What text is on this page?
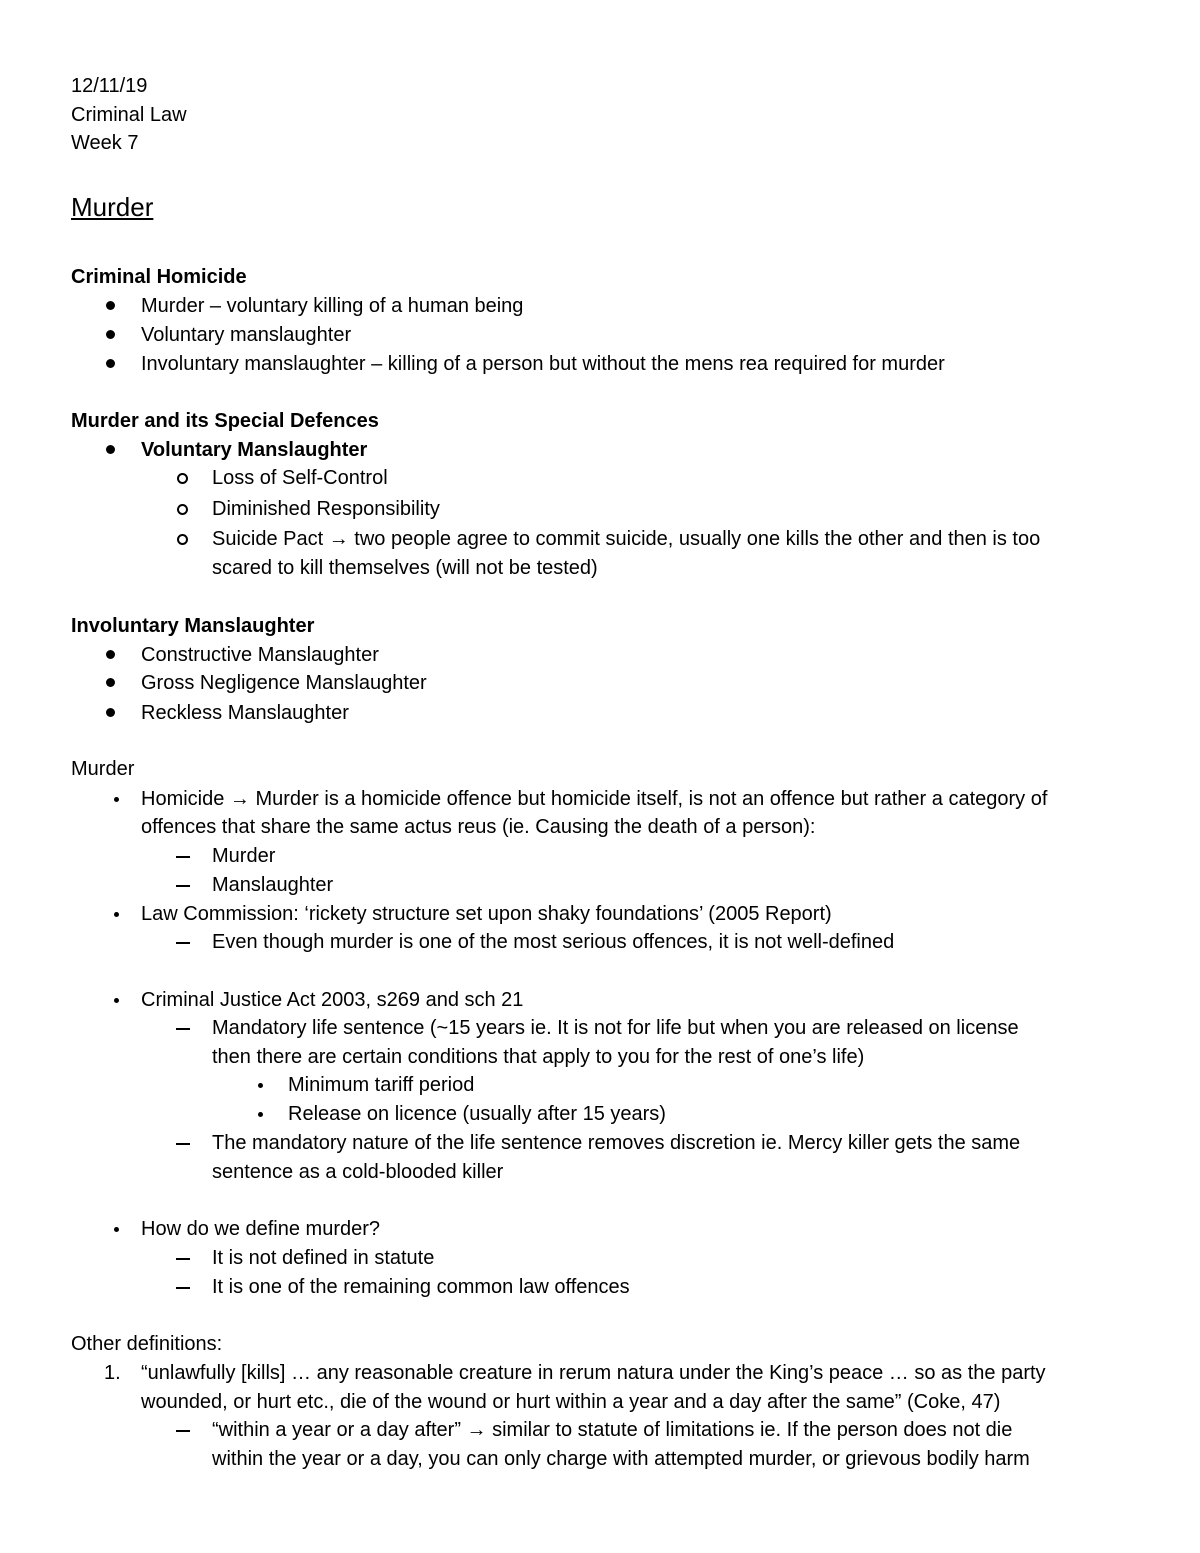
12/11/19
Criminal Law
Week 7
Murder
Criminal Homicide
Murder – voluntary killing of a human being
Voluntary manslaughter
Involuntary manslaughter – killing of a person but without the mens rea required for murder
Murder and its Special Defences
Voluntary Manslaughter
Loss of Self-Control
Diminished Responsibility
Suicide Pact → two people agree to commit suicide, usually one kills the other and then is too
scared to kill themselves (will not be tested)
Involuntary Manslaughter
Constructive Manslaughter
Gross Negligence Manslaughter
Reckless Manslaughter
Murder
Homicide → Murder is a homicide offence but homicide itself, is not an offence but rather a category of
offences that share the same actus reus (ie. Causing the death of a person):
Murder
Manslaughter
Law Commission: ‘rickety structure set upon shaky foundations’ (2005 Report)
Even though murder is one of the most serious offences, it is not well-defined
Criminal Justice Act 2003, s269 and sch 21
Mandatory life sentence (~15 years ie. It is not for life but when you are released on license
then there are certain conditions that apply to you for the rest of one’s life)
Minimum tariff period
Release on licence (usually after 15 years)
The mandatory nature of the life sentence removes discretion ie. Mercy killer gets the same
sentence as a cold-blooded killer
How do we define murder?
It is not defined in statute
It is one of the remaining common law offences
Other definitions:
1. “unlawfully [kills] … any reasonable creature in rerum natura under the King’s peace … so as the party
wounded, or hurt etc., die of the wound or hurt within a year and a day after the same” (Coke, 47)
“within a year or a day after” → similar to statute of limitations ie. If the person does not die
within the year or a day, you can only charge with attempted murder, or grievous bodily harm
